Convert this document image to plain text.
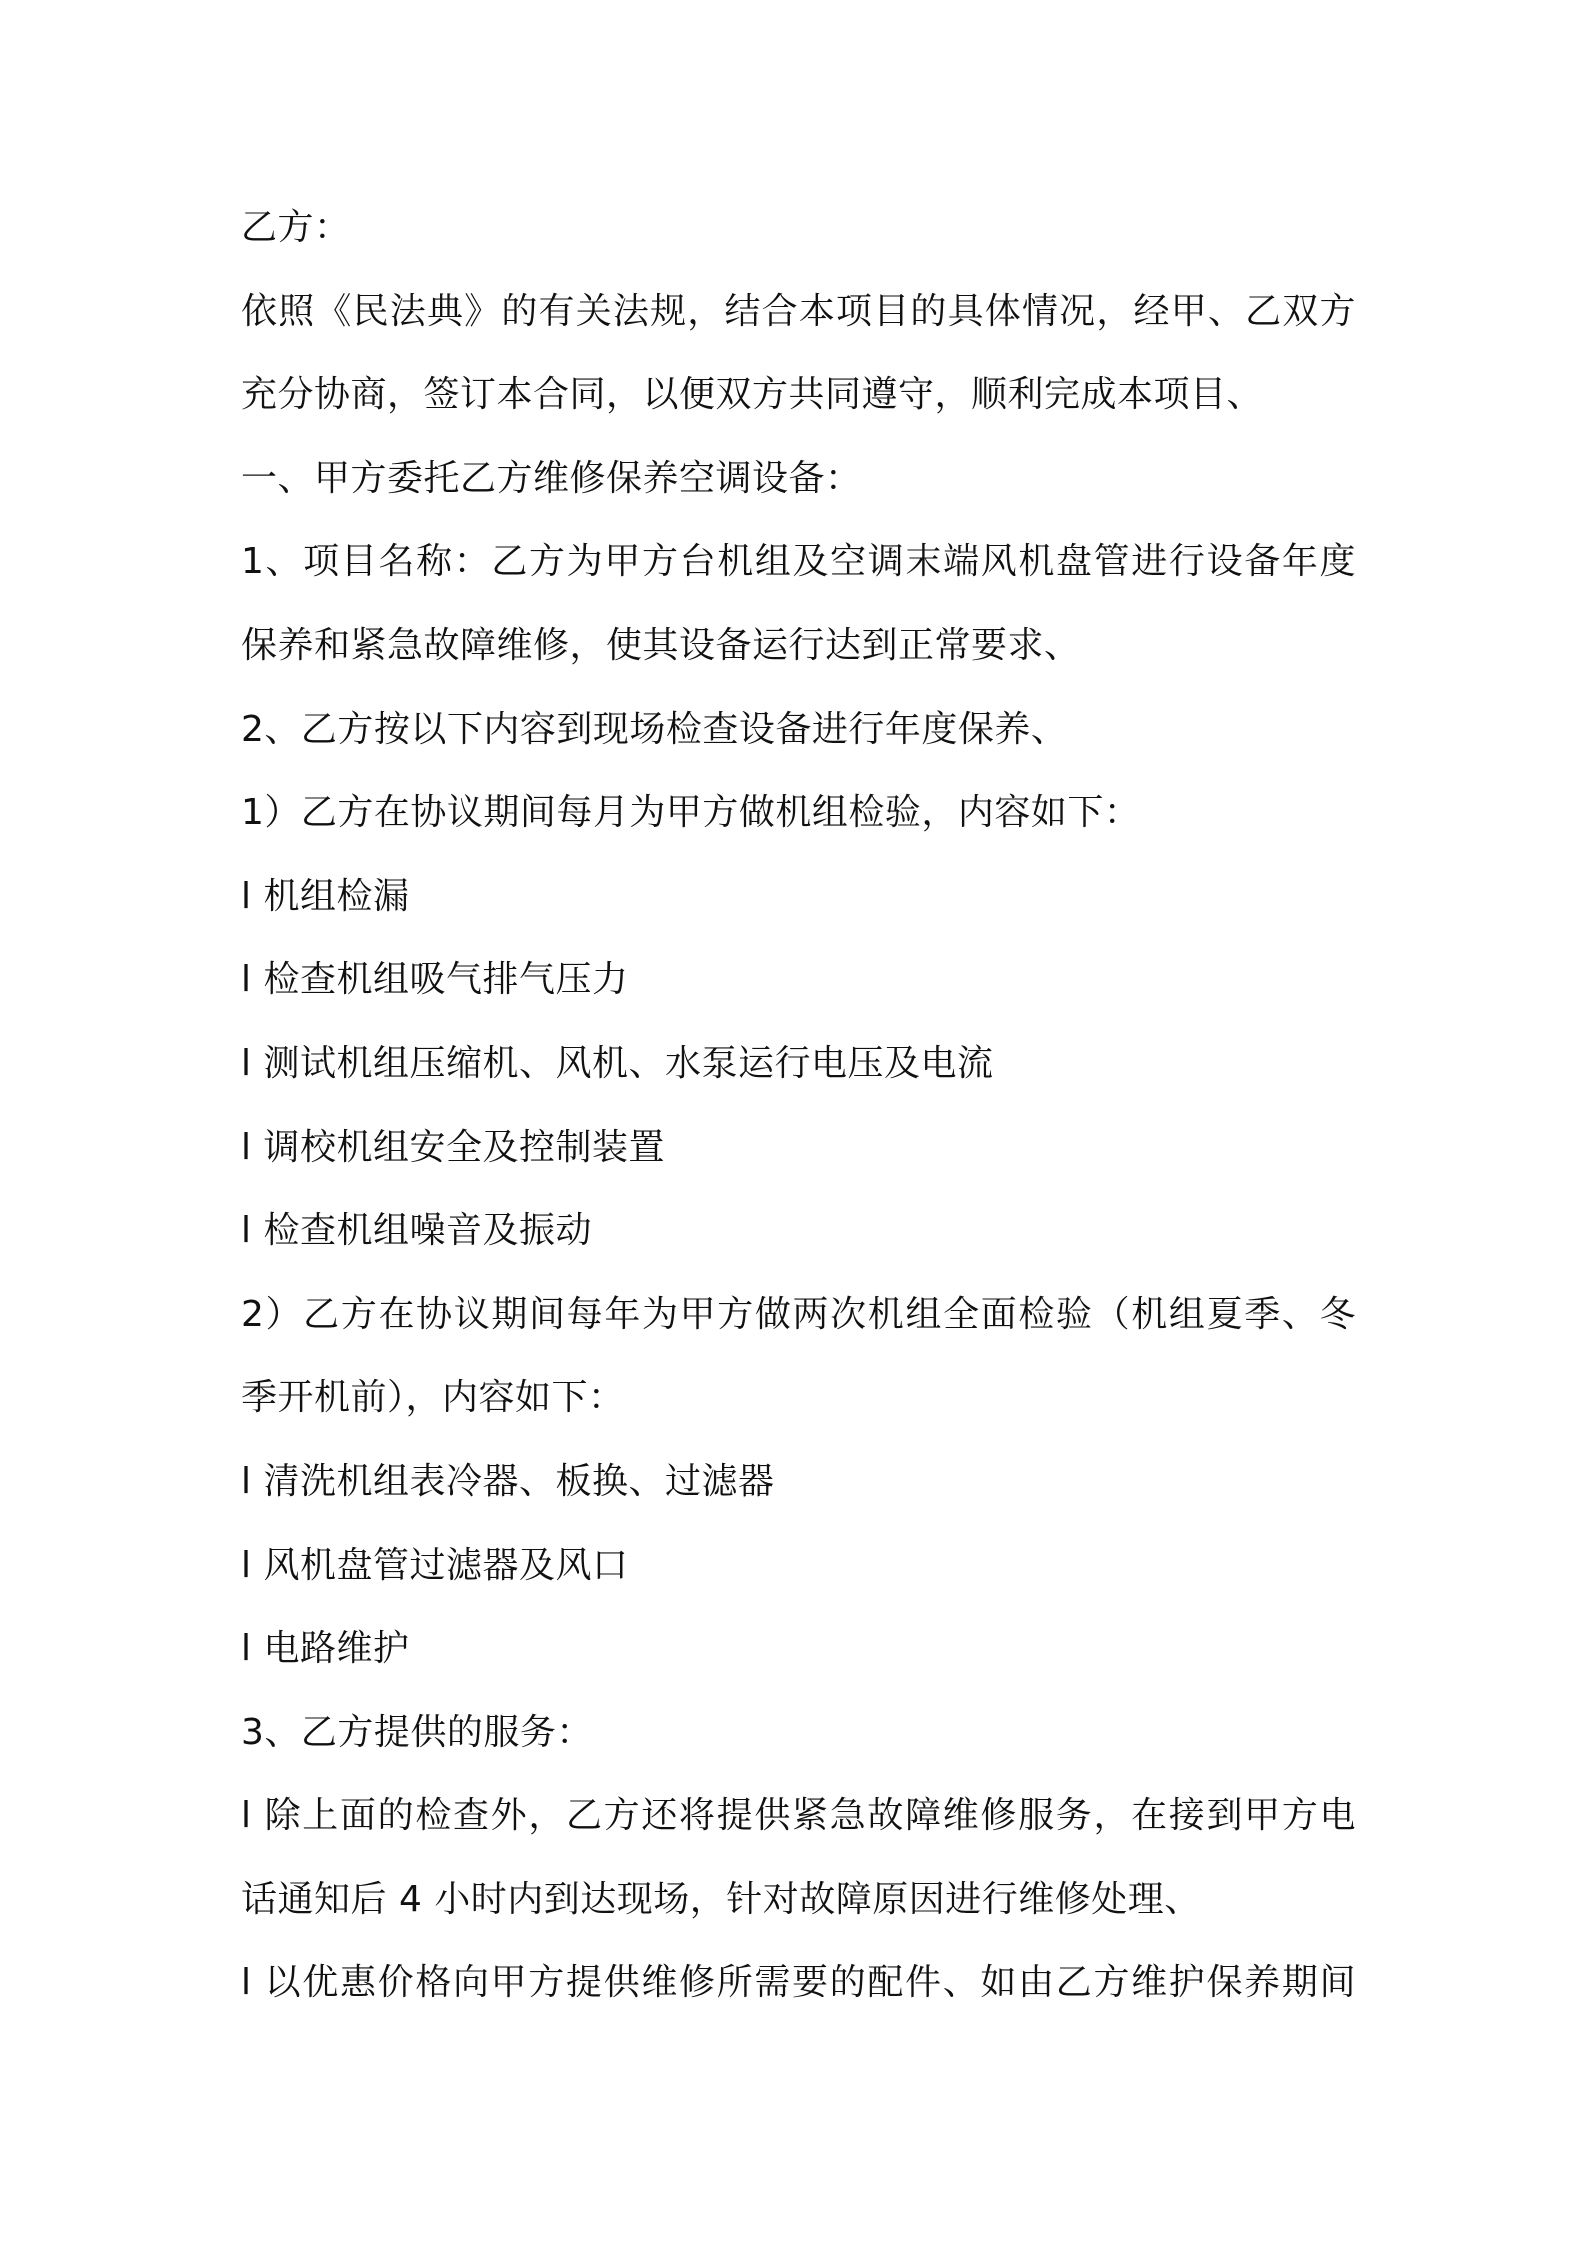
乙方：
依照《民法典》的有关法规，结合本项目的具体情况，经甲、乙双方
充分协商，签订本合同，以便双方共同遵守，顺利完成本项目、
一、甲方委托乙方维修保养空调设备：
1、项目名称：乙方为甲方台机组及空调末端风机盘管进行设备年度
保养和紧急故障维修，使其设备运行达到正常要求、
2、乙方按以下内容到现场检查设备进行年度保养、
1）乙方在协议期间每月为甲方做机组检验，内容如下：
l 机组检漏
l 检查机组吸气排气压力
l 测试机组压缩机、风机、水泵运行电压及电流
l 调校机组安全及控制装置
l 检查机组噪音及振动
2）乙方在协议期间每年为甲方做两次机组全面检验（机组夏季、冬
季开机前），内容如下：
l 清洗机组表冷器、板换、过滤器
l 风机盘管过滤器及风口
l 电路维护
3、乙方提供的服务：
l 除上面的检查外，乙方还将提供紧急故障维修服务，在接到甲方电
话通知后 4 小时内到达现场，针对故障原因进行维修处理、
l 以优惠价格向甲方提供维修所需要的配件、如由乙方维护保养期间
